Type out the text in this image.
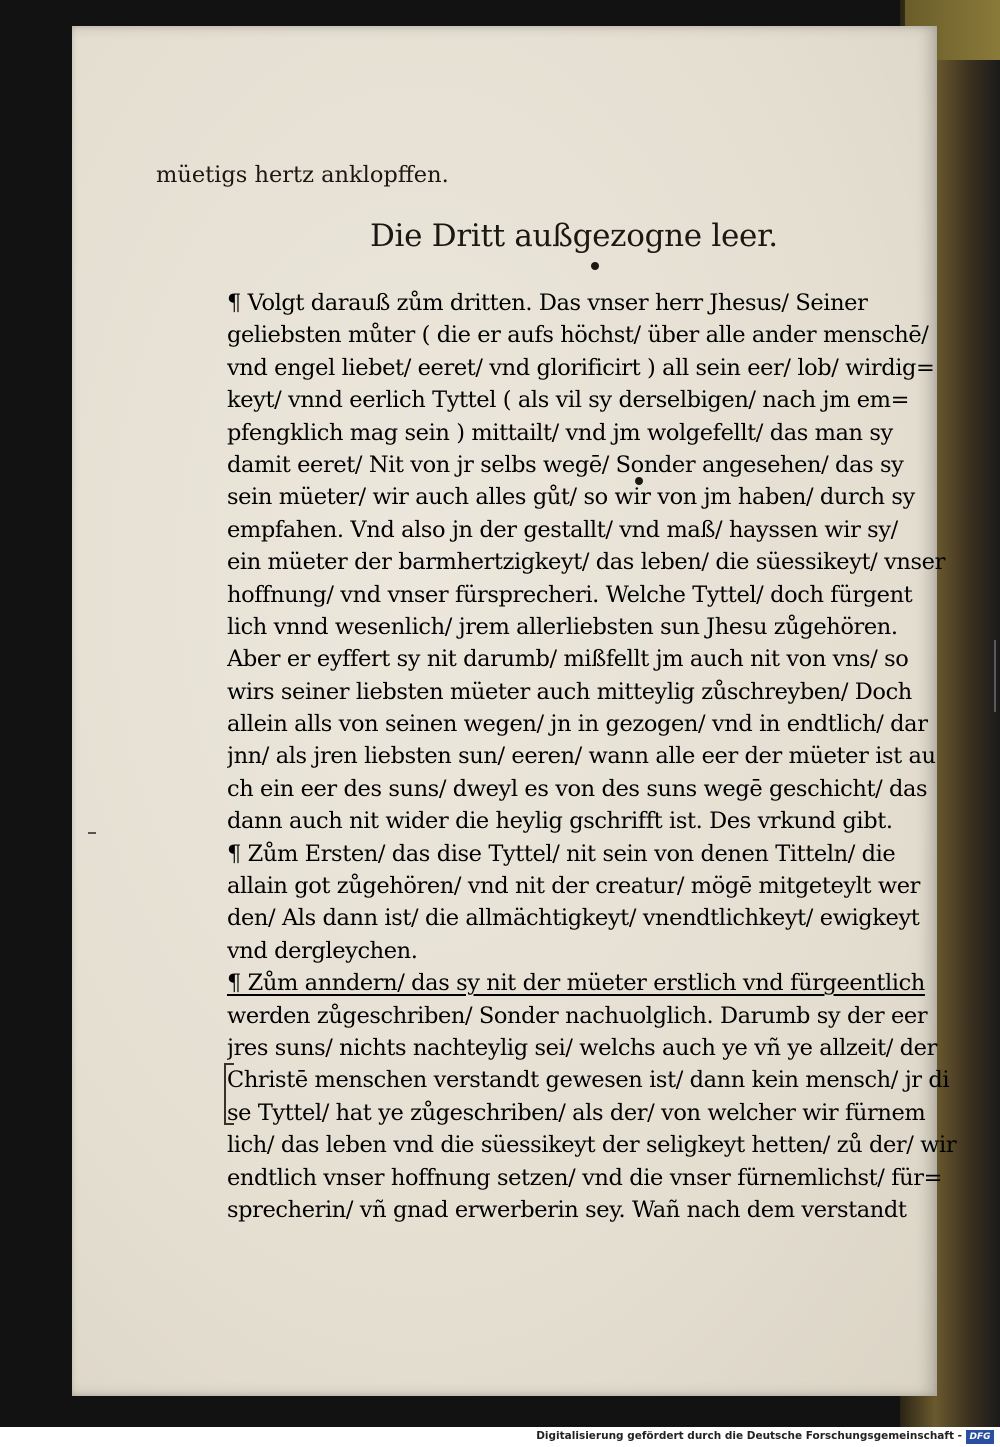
müetigs hertz anklopffen.
Die Dritt außgezogne leer.
¶ Volgt darauß zům dritten. Das vnser herr Jhesus/ Seiner
geliebsten můter ( die er aufs höchst/ über alle ander menschē/
vnd engel liebet/ eeret/ vnd glorificirt ) all sein eer/ lob/ wirdig=
keyt/ vnnd eerlich Tyttel ( als vil sy derselbigen/ nach jm em=
pfengklich mag sein ) mittailt/ vnd jm wolgefellt/ das man sy
damit eeret/ Nit von jr selbs wegē/ Sonder angesehen/ das sy
sein müeter/ wir auch alles gůt/ so wir von jm haben/ durch sy
empfahen. Vnd also jn der gestallt/ vnd maß/ hayssen wir sy/
ein müeter der barmhertzigkeyt/ das leben/ die süessikeyt/ vnser
hoffnung/ vnd vnser fürsprecheri. Welche Tyttel/ doch fürgent
lich vnnd wesenlich/ jrem allerliebsten sun Jhesu zůgehören.
Aber er eyffert sy nit darumb/ mißfellt jm auch nit von vns/ so
wirs seiner liebsten müeter auch mitteylig zůschreyben/ Doch
allein alls von seinen wegen/ jn in gezogen/ vnd in endtlich/ dar
jnn/ als jren liebsten sun/ eeren/ wann alle eer der müeter ist au
ch ein eer des suns/ dweyl es von des suns wegē geschicht/ das
dann auch nit wider die heylig gschrifft ist. Des vrkund gibt.
¶ Zům Ersten/ das dise Tyttel/ nit sein von denen Titteln/ die
allain got zůgehören/ vnd nit der creatur/ mögē mitgeteylt wer
den/ Als dann ist/ die allmächtigkeyt/ vnendtlichkeyt/ ewigkeyt
vnd dergleychen.
¶ Zům anndern/ das sy nit der müeter erstlich vnd fürgeentlich
werden zůgeschriben/ Sonder nachuolglich. Darumb sy der eer
jres suns/ nichts nachteylig sei/ welchs auch ye vñ ye allzeit/ der
Christē menschen verstandt gewesen ist/ dann kein mensch/ jr di
se Tyttel/ hat ye zůgeschriben/ als der/ von welcher wir fürnem
lich/ das leben vnd die süessikeyt der seligkeyt hetten/ zů der/ wir
endtlich vnser hoffnung setzen/ vnd die vnser fürnemlichst/ für=
sprecherin/ vñ gnad erwerberin sey. Wañ nach dem verstandt
Digitalisierung gefördert durch die Deutsche Forschungsgemeinschaft - DFG
